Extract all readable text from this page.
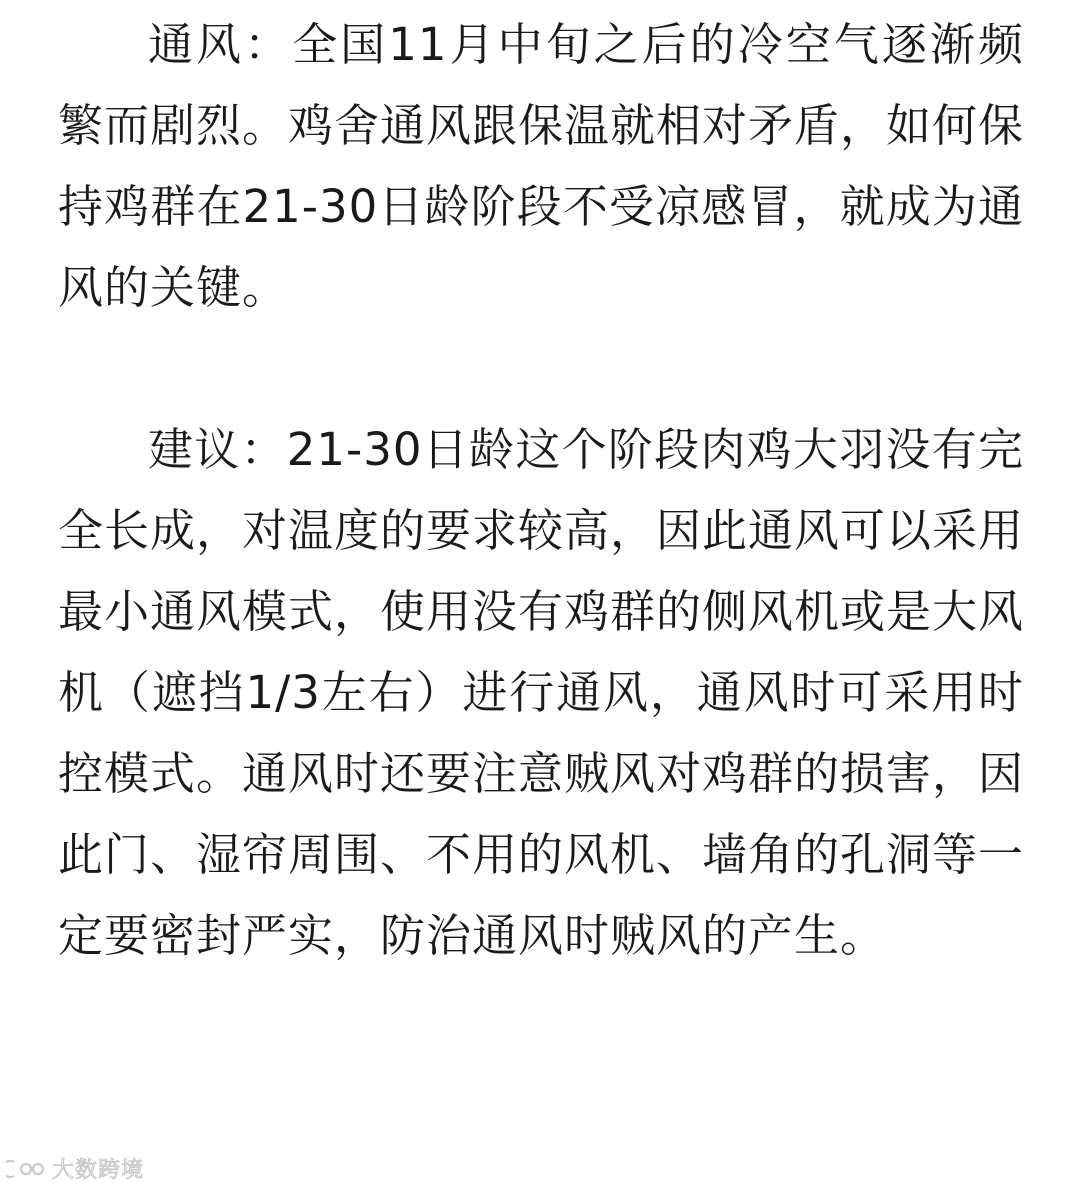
通风：全国11月中旬之后的冷空气逐渐频繁而剧烈。鸡舍通风跟保温就相对矛盾，如何保持鸡群在21-30日龄阶段不受凉感冒，就成为通风的关键。

建议：21-30日龄这个阶段肉鸡大羽没有完全长成，对温度的要求较高，因此通风可以采用最小通风模式，使用没有鸡群的侧风机或是大风机（遮挡1/3左右）进行通风，通风时可采用时控模式。通风时还要注意贼风对鸡群的损害，因此门、湿帘周围、不用的风机、墙角的孔洞等一定要密封严实，防治通风时贼风的产生。

大数跨境
